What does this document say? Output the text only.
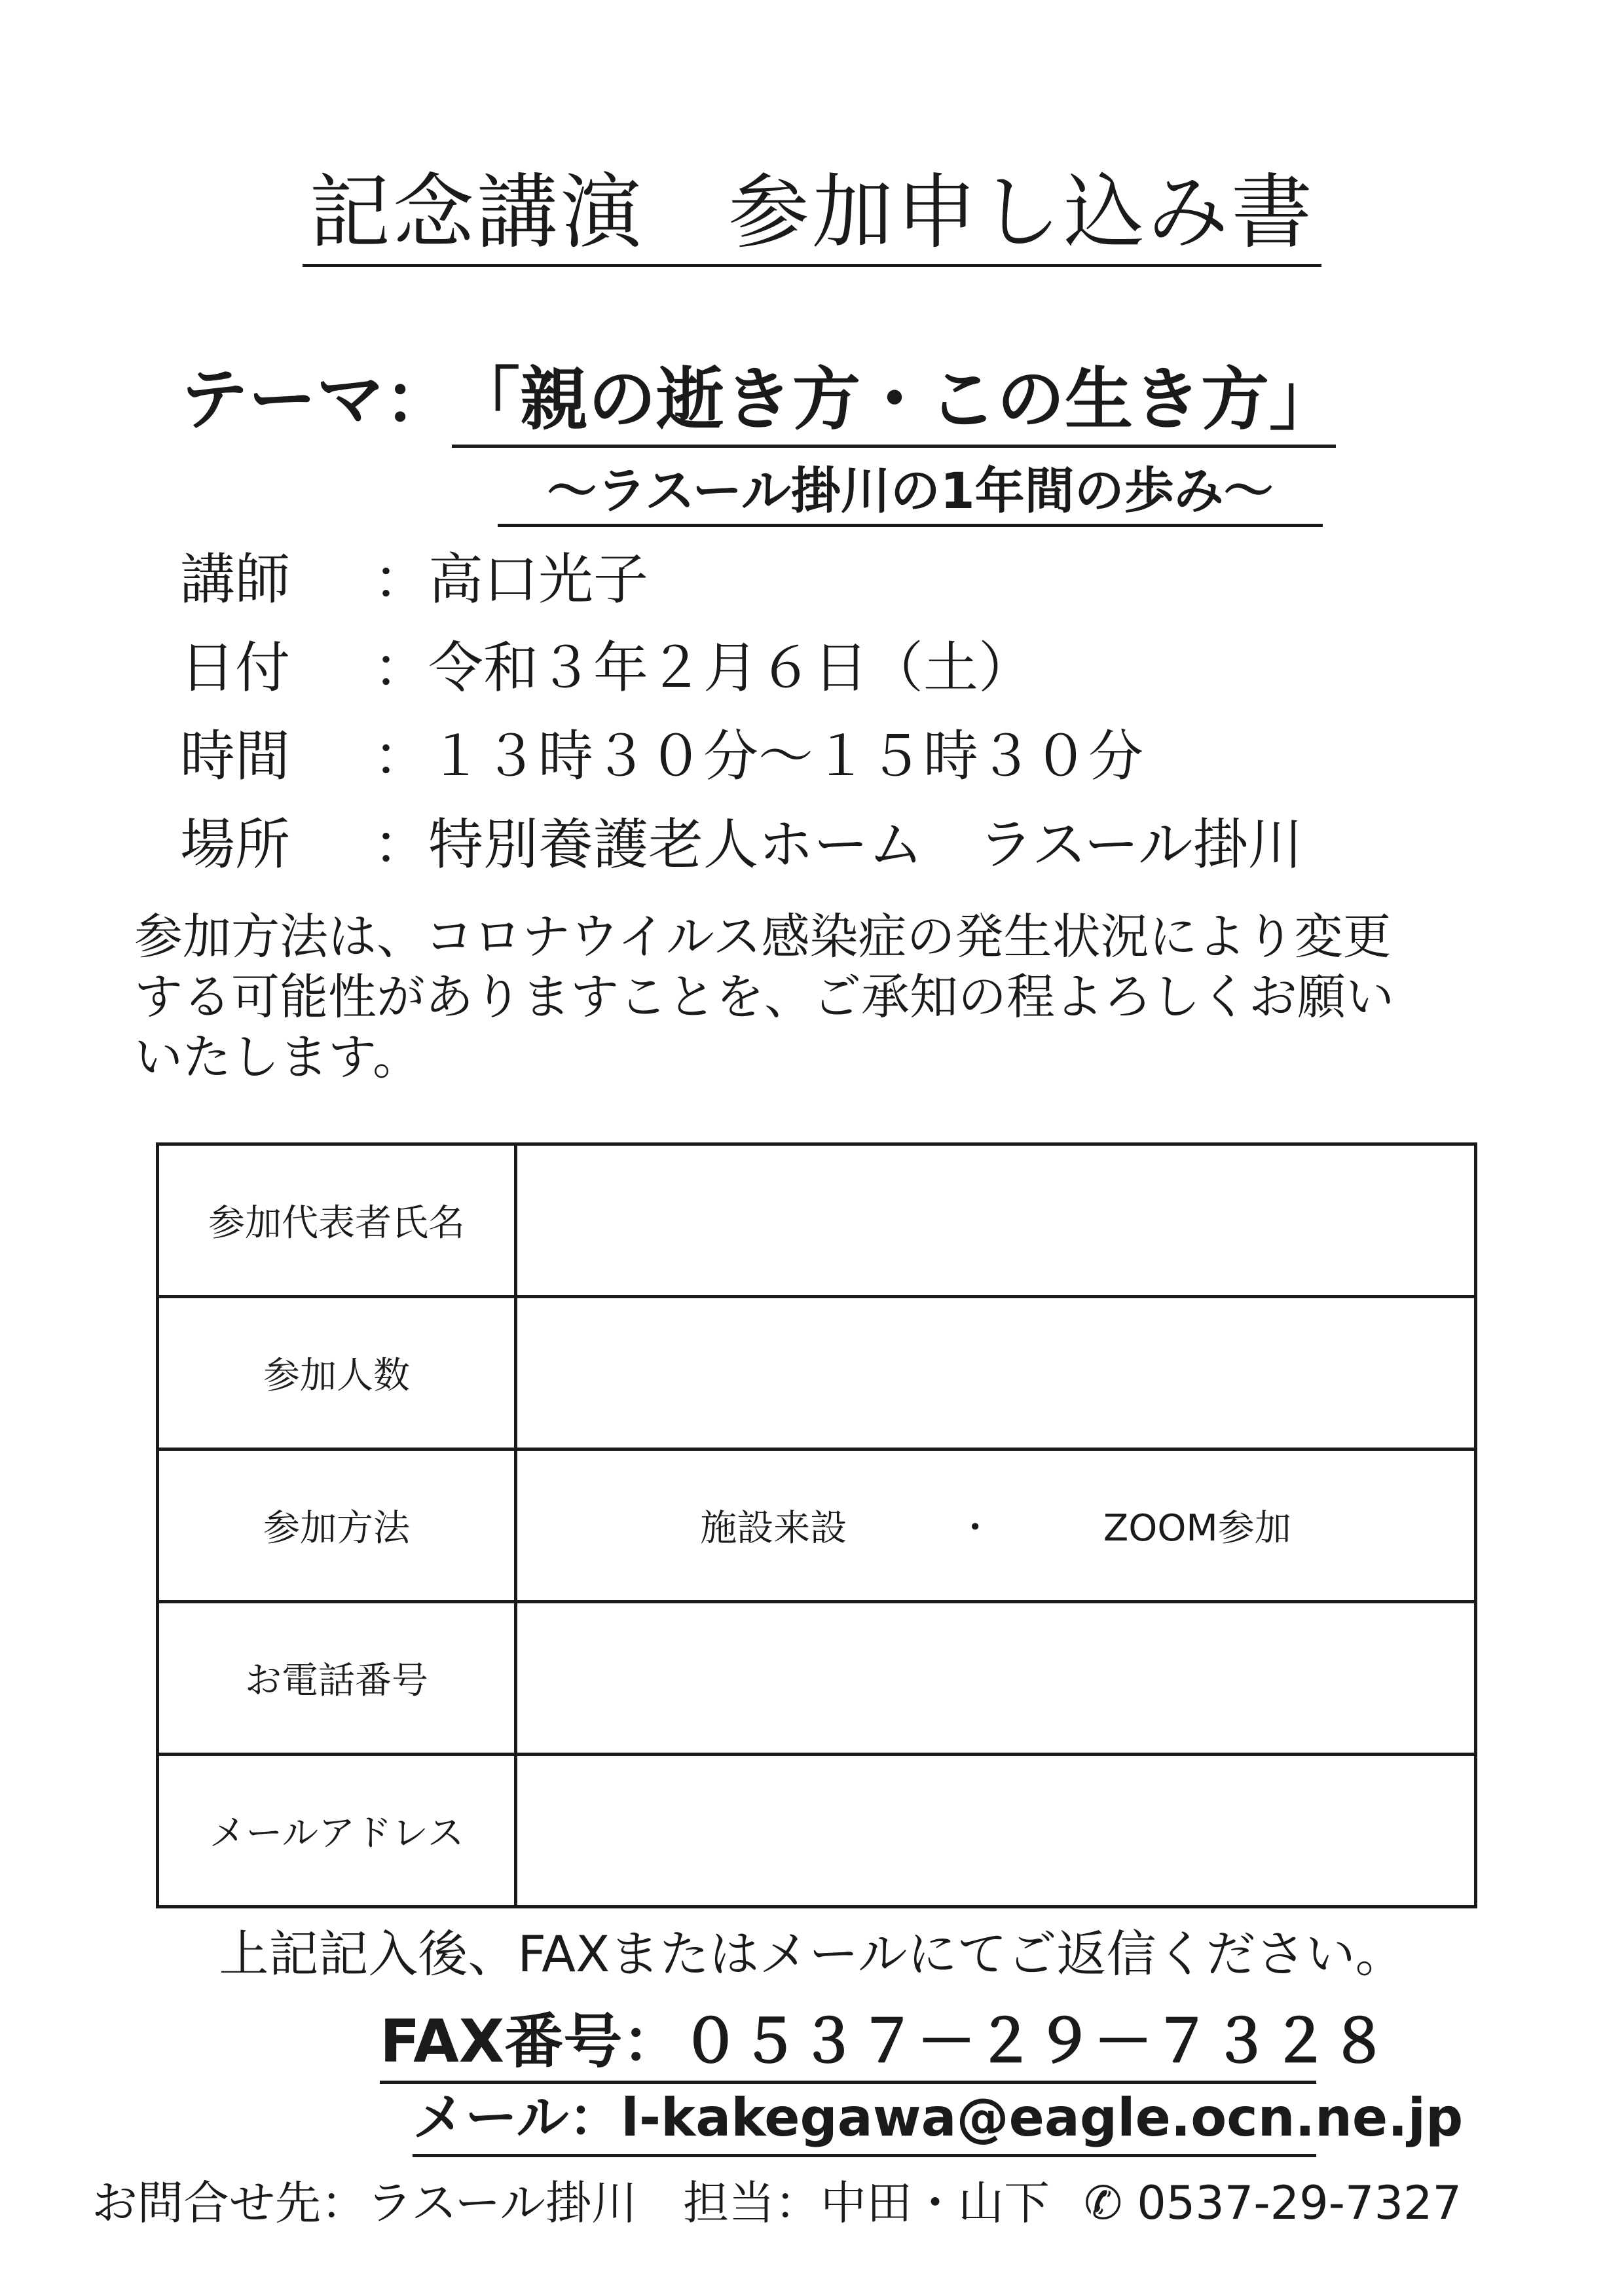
記念講演　参加申し込み書
テーマ：
「親の逝き方・この生き方」
〜ラスール掛川の1年間の歩み〜
講師 ：高口光子
日付 ：令和３年２月６日（土）
時間 ：１３時３０分〜１５時３０分
場所 ：特別養護老人ホーム　ラスール掛川

参加方法は、コロナウイルス感染症の発生状況により変更

する可能性がありますことを、ご承知の程よろしくお願い

いたします。

参加代表者氏名	
参加人数	
参加方法	施設来設 ・ ZOOM参加
お電話番号	
メールアドレス	
上記記入後、FAXまたはメールにてご返信ください。
FAX番号：０５３７－２９－７３２８
メール：l-kakegawa@eagle.ocn.ne.jp
お問合せ先：ラスール掛川　担当：中田・山下 ✆ 0537-29-7327
